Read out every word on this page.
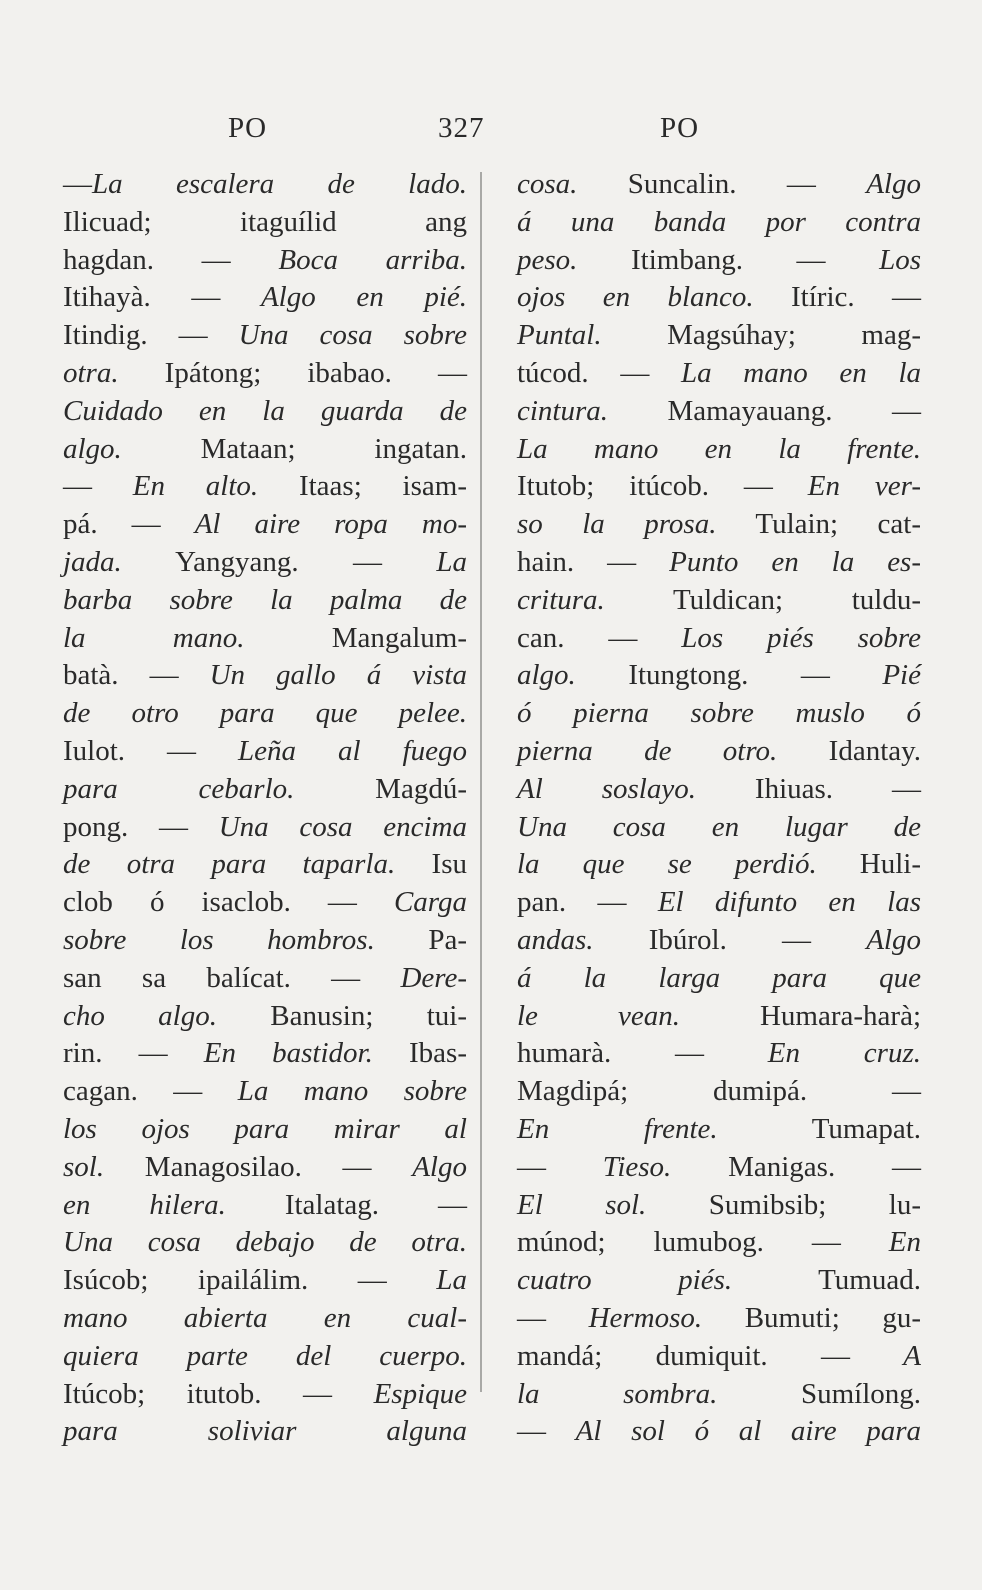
PO	327	PO
—La escalera de lado.
Ilicuad; itaguílid ang
hagdan. — Boca arriba.
Itihayà. — Algo en pié.
Itindig. — Una cosa sobre
otra. Ipátong; ibabao. —
Cuidado en la guarda de
algo. Mataan; ingatan.
— En alto. Itaas; isam-
pá. — Al aire ropa mo-
jada. Yangyang. — La
barba sobre la palma de
la mano. Mangalum-
batà. — Un gallo á vista
de otro para que pelee.
Iulot. — Leña al fuego
para cebarlo. Magdú-
pong. — Una cosa encima
de otra para taparla. Isu
clob ó isaclob. — Carga
sobre los hombros. Pa-
san sa balícat. — Dere-
cho algo. Banusin; tui-
rin. — En bastidor. Ibas-
cagan. — La mano sobre
los ojos para mirar al
sol. Managosilao. — Algo
en hilera. Italatag. —
Una cosa debajo de otra.
Isúcob; ipailálim. — La
mano abierta en cual-
quiera parte del cuerpo.
Itúcob; itutob. — Espique
para soliviar alguna
cosa. Suncalin. — Algo
á una banda por contra
peso. Itimbang. — Los
ojos en blanco. Itíric. —
Puntal. Magsúhay; mag-
túcod. — La mano en la
cintura. Mamayauang. —
La mano en la frente.
Itutob; itúcob. — En ver-
so la prosa. Tulain; cat-
hain. — Punto en la es-
critura. Tuldican; tuldu-
can. — Los piés sobre
algo. Itungtong. — Pié
ó pierna sobre muslo ó
pierna de otro. Idantay.
Al soslayo. Ihiuas. —
Una cosa en lugar de
la que se perdió. Huli-
pan. — El difunto en las
andas. Ibúrol. — Algo
á la larga para que
le vean. Humara-harà;
humarà. — En cruz.
Magdipá; dumipá. —
En frente. Tumapat.
— Tieso. Manigas. —
El sol. Sumibsib; lu-
múnod; lumubog. — En
cuatro piés. Tumuad.
— Hermoso. Bumuti; gu-
mandá; dumiquit. — A
la sombra. Sumílong.
— Al sol ó al aire para
